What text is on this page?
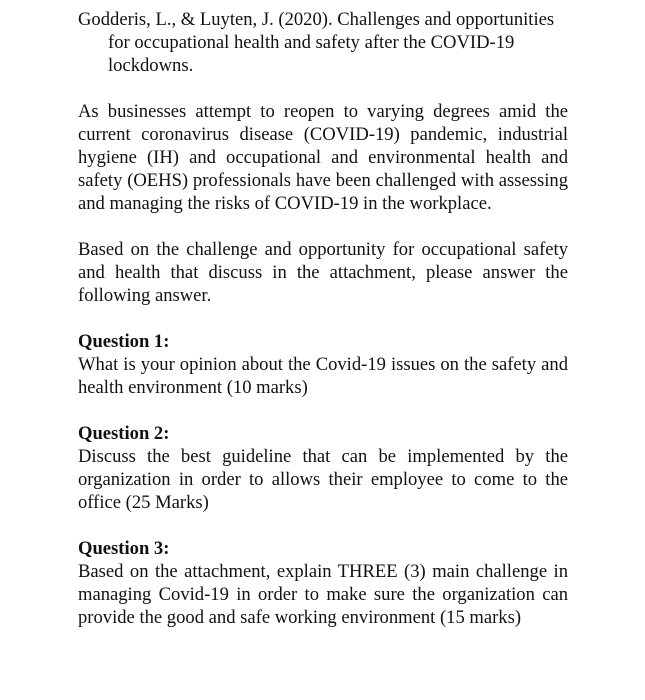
Godderis, L., & Luyten, J. (2020). Challenges and opportunities for occupational health and safety after the COVID-19 lockdowns.

As businesses attempt to reopen to varying degrees amid the current coronavirus disease (COVID-19) pandemic, industrial hygiene (IH) and occupational and environmental health and safety (OEHS) professionals have been challenged with assessing and managing the risks of COVID-19 in the workplace.

Based on the challenge and opportunity for occupational safety and health that discuss in the attachment, please answer the following answer.

Question 1:
What is your opinion about the Covid-19 issues on the safety and health environment (10 marks)
Question 2:
Discuss the best guideline that can be implemented by the organization in order to allows their employee to come to the office (25 Marks)
Question 3:
Based on the attachment, explain THREE (3) main challenge in managing Covid-19 in order to make sure the organization can provide the good and safe working environment (15 marks)
